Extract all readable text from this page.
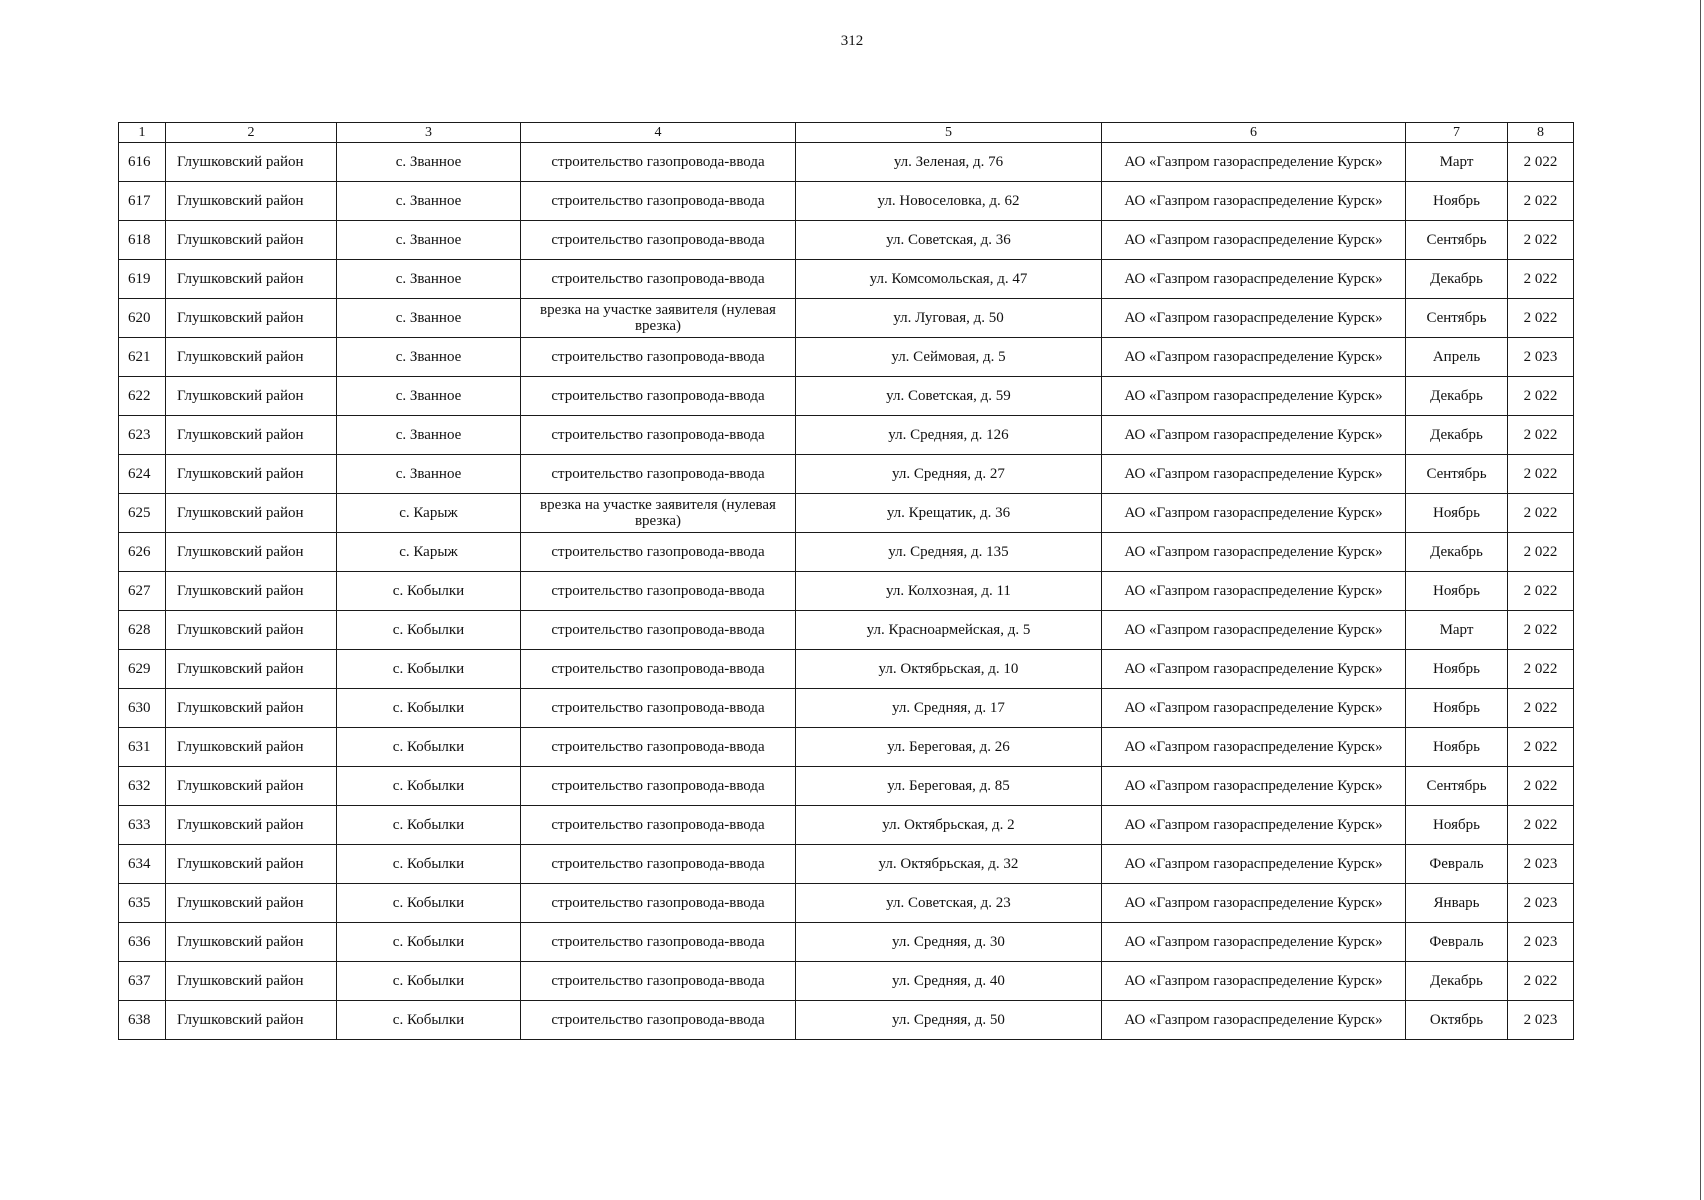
312
1	2	3	4	5	6	7	8
616	Глушковский район	с. Званное	строительство газопровода-ввода	ул. Зеленая, д. 76	АО «Газпром газораспределение Курск»	Март	2 022
617	Глушковский район	с. Званное	строительство газопровода-ввода	ул. Новоселовка, д. 62	АО «Газпром газораспределение Курск»	Ноябрь	2 022
618	Глушковский район	с. Званное	строительство газопровода-ввода	ул. Советская, д. 36	АО «Газпром газораспределение Курск»	Сентябрь	2 022
619	Глушковский район	с. Званное	строительство газопровода-ввода	ул. Комсомольская, д. 47	АО «Газпром газораспределение Курск»	Декабрь	2 022
620	Глушковский район	с. Званное	врезка на участке заявителя (нулевая врезка)	ул. Луговая, д. 50	АО «Газпром газораспределение Курск»	Сентябрь	2 022
621	Глушковский район	с. Званное	строительство газопровода-ввода	ул. Сеймовая, д. 5	АО «Газпром газораспределение Курск»	Апрель	2 023
622	Глушковский район	с. Званное	строительство газопровода-ввода	ул. Советская, д. 59	АО «Газпром газораспределение Курск»	Декабрь	2 022
623	Глушковский район	с. Званное	строительство газопровода-ввода	ул. Средняя, д. 126	АО «Газпром газораспределение Курск»	Декабрь	2 022
624	Глушковский район	с. Званное	строительство газопровода-ввода	ул. Средняя, д. 27	АО «Газпром газораспределение Курск»	Сентябрь	2 022
625	Глушковский район	с. Карыж	врезка на участке заявителя (нулевая врезка)	ул. Крещатик, д. 36	АО «Газпром газораспределение Курск»	Ноябрь	2 022
626	Глушковский район	с. Карыж	строительство газопровода-ввода	ул. Средняя, д. 135	АО «Газпром газораспределение Курск»	Декабрь	2 022
627	Глушковский район	с. Кобылки	строительство газопровода-ввода	ул. Колхозная, д. 11	АО «Газпром газораспределение Курск»	Ноябрь	2 022
628	Глушковский район	с. Кобылки	строительство газопровода-ввода	ул. Красноармейская, д. 5	АО «Газпром газораспределение Курск»	Март	2 022
629	Глушковский район	с. Кобылки	строительство газопровода-ввода	ул. Октябрьская, д. 10	АО «Газпром газораспределение Курск»	Ноябрь	2 022
630	Глушковский район	с. Кобылки	строительство газопровода-ввода	ул. Средняя, д. 17	АО «Газпром газораспределение Курск»	Ноябрь	2 022
631	Глушковский район	с. Кобылки	строительство газопровода-ввода	ул. Береговая, д. 26	АО «Газпром газораспределение Курск»	Ноябрь	2 022
632	Глушковский район	с. Кобылки	строительство газопровода-ввода	ул. Береговая, д. 85	АО «Газпром газораспределение Курск»	Сентябрь	2 022
633	Глушковский район	с. Кобылки	строительство газопровода-ввода	ул. Октябрьская, д. 2	АО «Газпром газораспределение Курск»	Ноябрь	2 022
634	Глушковский район	с. Кобылки	строительство газопровода-ввода	ул. Октябрьская, д. 32	АО «Газпром газораспределение Курск»	Февраль	2 023
635	Глушковский район	с. Кобылки	строительство газопровода-ввода	ул. Советская, д. 23	АО «Газпром газораспределение Курск»	Январь	2 023
636	Глушковский район	с. Кобылки	строительство газопровода-ввода	ул. Средняя, д. 30	АО «Газпром газораспределение Курск»	Февраль	2 023
637	Глушковский район	с. Кобылки	строительство газопровода-ввода	ул. Средняя, д. 40	АО «Газпром газораспределение Курск»	Декабрь	2 022
638	Глушковский район	с. Кобылки	строительство газопровода-ввода	ул. Средняя, д. 50	АО «Газпром газораспределение Курск»	Октябрь	2 023
